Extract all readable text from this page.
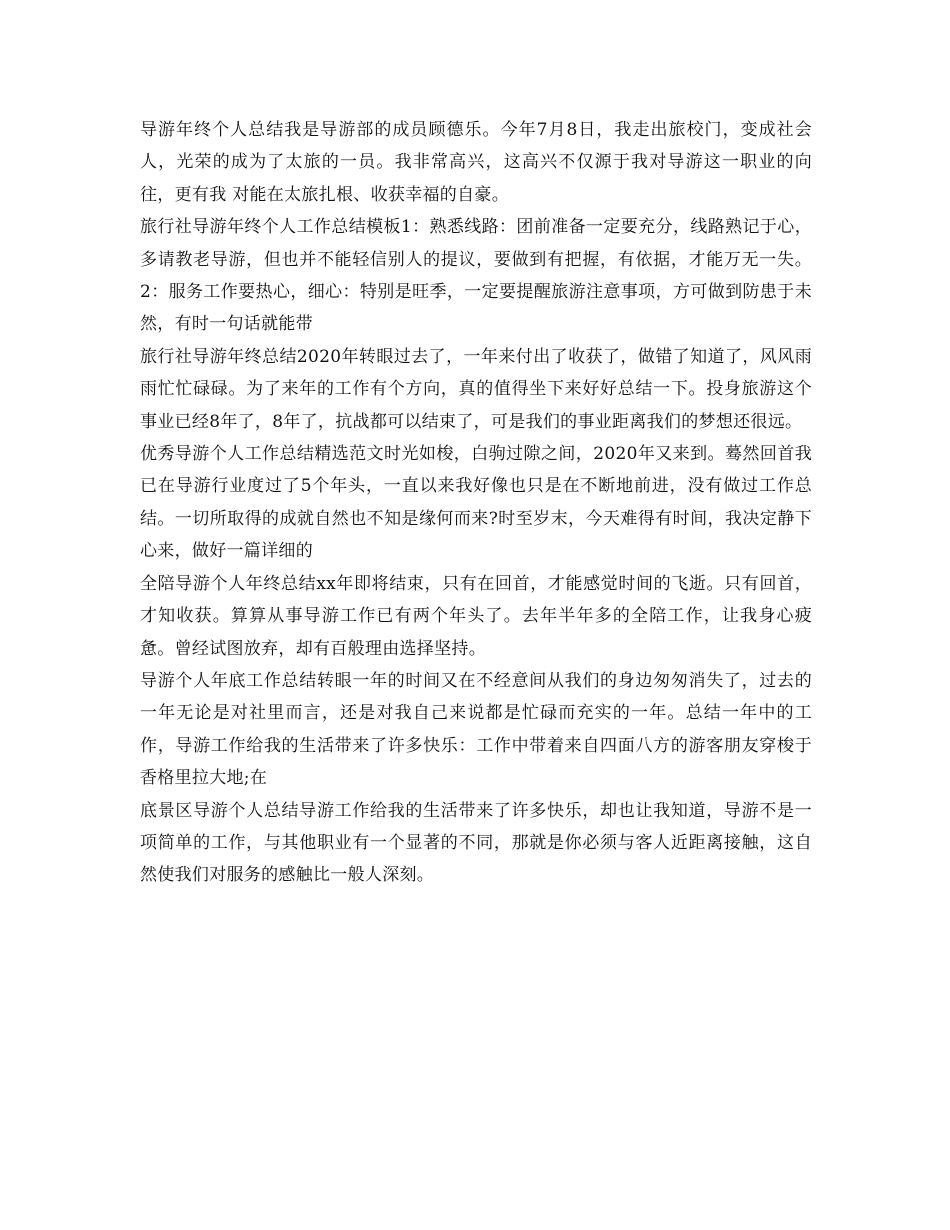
导游年终个人总结我是导游部的成员顾德乐。今年7月8日，我走出旅校门，变成社会人，光荣的成为了太旅的一员。我非常高兴，这高兴不仅源于我对导游这一职业的向往，更有我 对能在太旅扎根、收获幸福的自豪。

旅行社导游年终个人工作总结模板1：熟悉线路：团前准备一定要充分，线路熟记于心，多请教老导游，但也并不能轻信别人的提议，要做到有把握，有依据，才能万无一失。2：服务工作要热心，细心：特别是旺季，一定要提醒旅游注意事项，方可做到防患于未然，有时一句话就能带

旅行社导游年终总结2020年转眼过去了，一年来付出了收获了，做错了知道了，风风雨雨忙忙碌碌。为了来年的工作有个方向，真的值得坐下来好好总结一下。投身旅游这个事业已经8年了，8年了，抗战都可以结束了，可是我们的事业距离我们的梦想还很远。

优秀导游个人工作总结精选范文时光如梭，白驹过隙之间，2020年又来到。蓦然回首我已在导游行业度过了5个年头，一直以来我好像也只是在不断地前进，没有做过工作总结。一切所取得的成就自然也不知是缘何而来?时至岁末，今天难得有时间，我决定静下心来，做好一篇详细的

全陪导游个人年终总结xx年即将结束，只有在回首，才能感觉时间的飞逝。只有回首，才知收获。算算从事导游工作已有两个年头了。去年半年多的全陪工作，让我身心疲惫。曾经试图放弃，却有百般理由选择坚持。

导游个人年底工作总结转眼一年的时间又在不经意间从我们的身边匆匆消失了，过去的一年无论是对社里而言，还是对我自己来说都是忙碌而充实的一年。总结一年中的工作，导游工作给我的生活带来了许多快乐：工作中带着来自四面八方的游客朋友穿梭于香格里拉大地;在

底景区导游个人总结导游工作给我的生活带来了许多快乐，却也让我知道，导游不是一项简单的工作，与其他职业有一个显著的不同，那就是你必须与客人近距离接触，这自然使我们对服务的感触比一般人深刻。
